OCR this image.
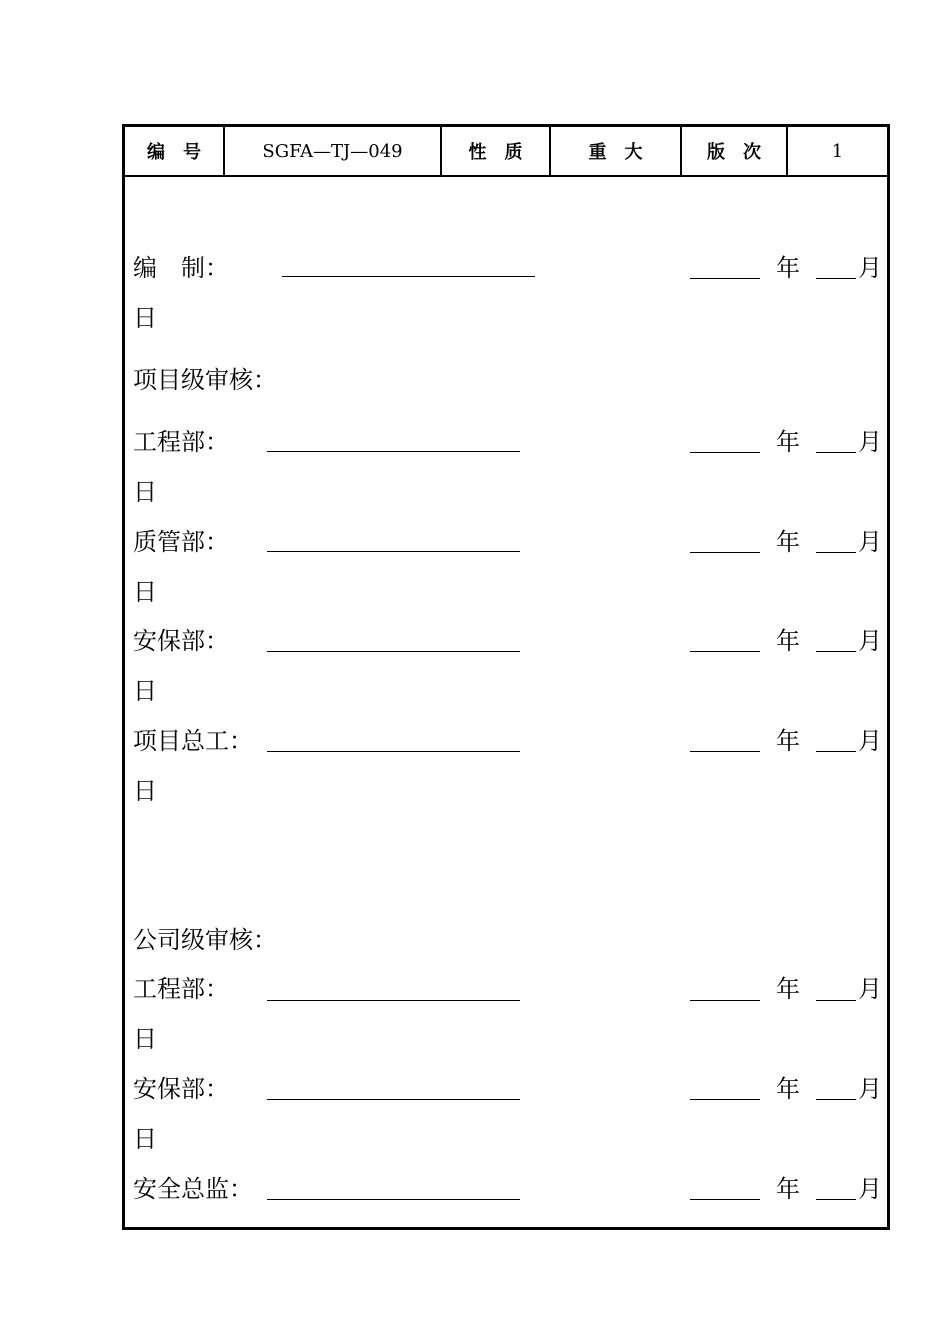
编　号	SGFA—TJ—049	性　质	重　大	版　次	1
编　制：	年 月
日
项目级审核：
工程部：	年 月
日
质管部：	年 月
日
安保部：	年 月
日
项目总工：	年 月
日
公司级审核：
工程部：	年 月
日
安保部：	年 月
日
安全总监：	年 月
